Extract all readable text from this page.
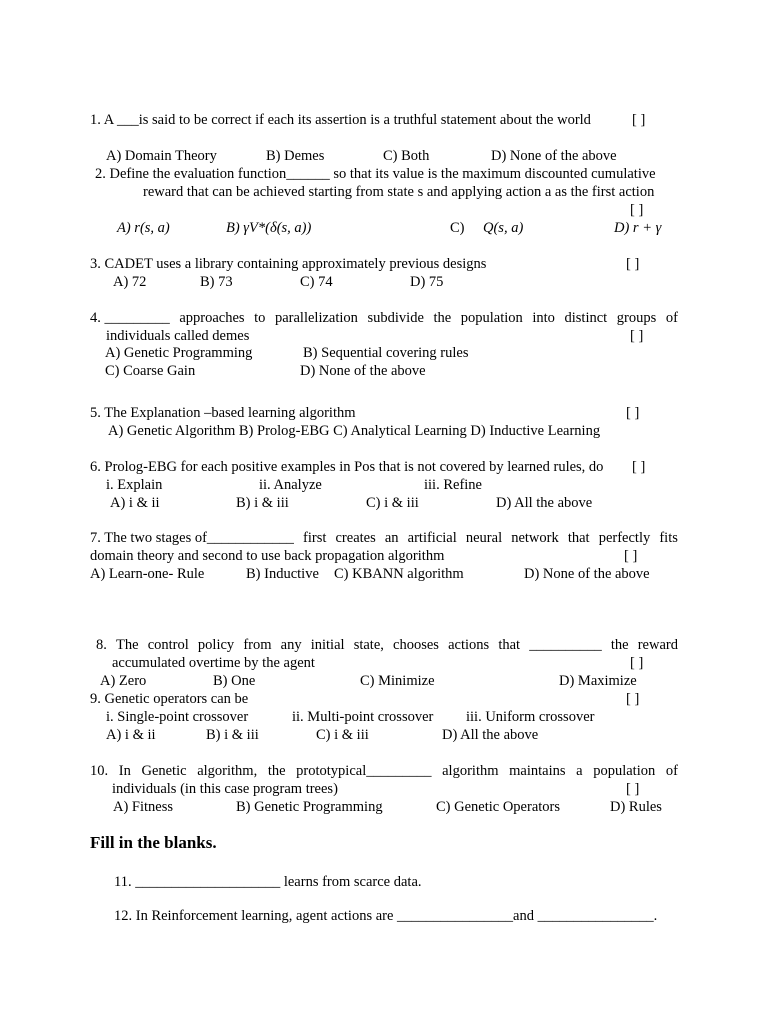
1. A ___is said to be correct if each its assertion is a truthful statement about the world	[ ]
A) Domain Theory	B) Demes	C) Both	D) None of the above
2. Define the evaluation function______ so that its value is the maximum discounted cumulative
reward that can be achieved starting from state s and applying action a as the first action
[ ]
A) r(s, a)	B) γV*(δ(s, a))	C) Q(s, a)	D) r + γ
3. CADET uses a library containing approximately previous designs	[ ]
A) 72	B) 73	C) 74	D) 75
4. _________ approaches to parallelization subdivide the population into distinct groups of
individuals called demes	[ ]
A) Genetic Programming	B) Sequential covering rules
C) Coarse Gain	D) None of the above
5. The Explanation –based learning algorithm	[ ]
A) Genetic Algorithm B) Prolog-EBG C) Analytical Learning D) Inductive Learning
6. Prolog-EBG for each positive examples in Pos that is not covered by learned rules, do [ ]
i. Explain	ii. Analyze	iii. Refine
A) i & ii	B) i & iii	C) i & iii	D) All the above
7. The two stages of____________ first creates an artificial neural network that perfectly fits
domain theory and second to use back propagation algorithm	[ ]
A) Learn-one- Rule	B) Inductive C) KBANN algorithm	D) None of the above
8. The control policy from any initial state, chooses actions that __________ the reward
accumulated overtime by the agent	[ ]
A) Zero	B) One	C) Minimize	D) Maximize
9. Genetic operators can be	[ ]
i. Single-point crossover	ii. Multi-point crossover iii. Uniform crossover
A) i & ii	B) i & iii	C) i & iii	D) All the above
10. In Genetic algorithm, the prototypical_________ algorithm maintains a population of
individuals (in this case program trees)	[ ]
A) Fitness	B) Genetic Programming	C) Genetic Operators	D) Rules
Fill in the blanks.
11. ____________________ learns from scarce data.
12. In Reinforcement learning, agent actions are ________________and ________________.
